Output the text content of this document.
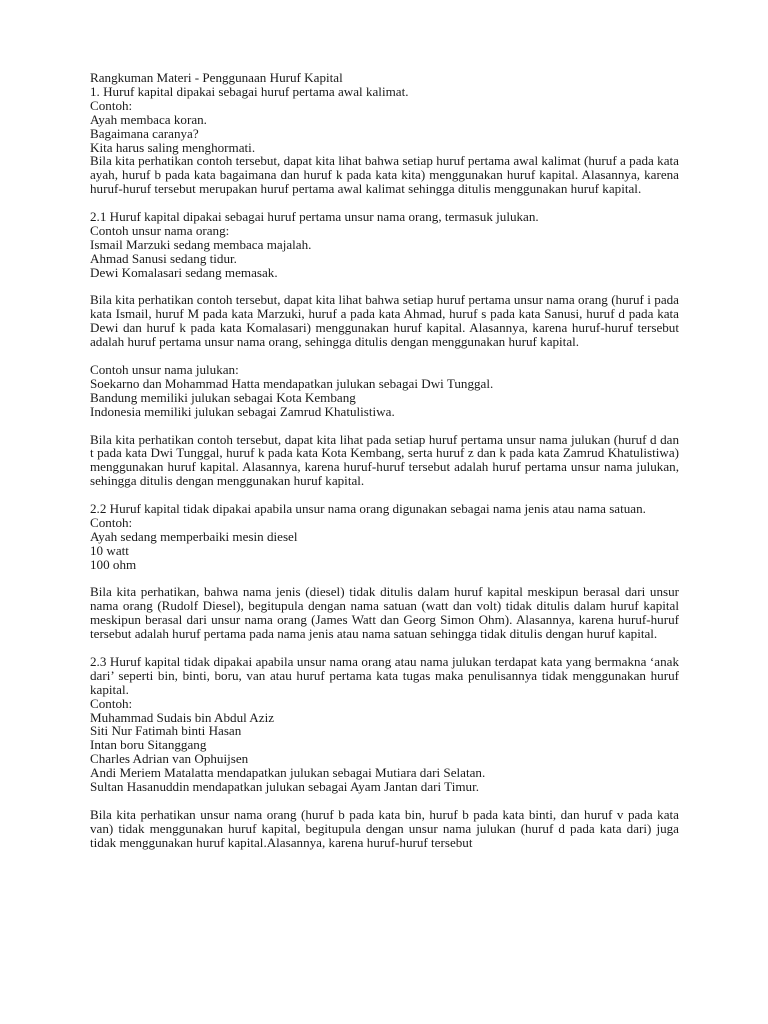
Rangkuman Materi - Penggunaan Huruf Kapital

1. Huruf kapital dipakai sebagai huruf pertama awal kalimat.

Contoh:

Ayah membaca koran.

Bagaimana caranya?

Kita harus saling menghormati.

Bila kita perhatikan contoh tersebut, dapat kita lihat bahwa setiap huruf pertama awal kalimat (huruf a pada kata ayah, huruf b pada kata bagaimana dan huruf k pada kata kita) menggunakan huruf kapital. Alasannya, karena huruf-huruf tersebut merupakan huruf pertama awal kalimat sehingga ditulis menggunakan huruf kapital.

2.1 Huruf kapital dipakai sebagai huruf pertama unsur nama orang, termasuk julukan.

Contoh unsur nama orang:

Ismail Marzuki sedang membaca majalah.

Ahmad Sanusi sedang tidur.

Dewi Komalasari sedang memasak.

Bila kita perhatikan contoh tersebut, dapat kita lihat bahwa setiap huruf pertama unsur nama orang (huruf i pada kata Ismail, huruf M pada kata Marzuki, huruf a pada kata Ahmad, huruf s pada kata Sanusi, huruf d pada kata Dewi dan huruf k pada kata Komalasari) menggunakan huruf kapital. Alasannya, karena huruf-huruf tersebut adalah huruf pertama unsur nama orang, sehingga ditulis dengan menggunakan huruf kapital.

Contoh unsur nama julukan:

Soekarno dan Mohammad Hatta mendapatkan julukan sebagai Dwi Tunggal.

Bandung memiliki julukan sebagai Kota Kembang

Indonesia memiliki julukan sebagai Zamrud Khatulistiwa.

Bila kita perhatikan contoh tersebut, dapat kita lihat pada setiap huruf pertama unsur nama julukan (huruf d dan t pada kata Dwi Tunggal, huruf k pada kata Kota Kembang, serta huruf z dan k pada kata Zamrud Khatulistiwa) menggunakan huruf kapital. Alasannya, karena huruf-huruf tersebut adalah huruf pertama unsur nama julukan, sehingga ditulis dengan menggunakan huruf kapital.

2.2 Huruf kapital tidak dipakai apabila unsur nama orang digunakan sebagai nama jenis atau nama satuan.

Contoh:

Ayah sedang memperbaiki mesin diesel

10 watt

100 ohm

Bila kita perhatikan, bahwa nama jenis (diesel) tidak ditulis dalam huruf kapital meskipun berasal dari unsur nama orang (Rudolf Diesel), begitupula dengan nama satuan (watt dan volt) tidak ditulis dalam huruf kapital meskipun berasal dari unsur nama orang (James Watt dan Georg Simon Ohm). Alasannya, karena huruf-huruf tersebut adalah huruf pertama pada nama jenis atau nama satuan sehingga tidak ditulis dengan huruf kapital.

2.3 Huruf kapital tidak dipakai apabila unsur nama orang atau nama julukan terdapat kata yang bermakna ‘anak dari’ seperti bin, binti, boru, van atau huruf pertama kata tugas maka penulisannya tidak menggunakan huruf kapital.

Contoh:

Muhammad Sudais bin Abdul Aziz

Siti Nur Fatimah binti Hasan

Intan boru Sitanggang

Charles Adrian van Ophuijsen

Andi Meriem Matalatta mendapatkan julukan sebagai Mutiara dari Selatan.

Sultan Hasanuddin mendapatkan julukan sebagai Ayam Jantan dari Timur.

Bila kita perhatikan unsur nama orang (huruf b pada kata bin, huruf b pada kata binti, dan huruf v pada kata van) tidak menggunakan huruf kapital, begitupula dengan unsur nama julukan (huruf d pada kata dari) juga tidak menggunakan huruf kapital.Alasannya, karena huruf-huruf tersebut
